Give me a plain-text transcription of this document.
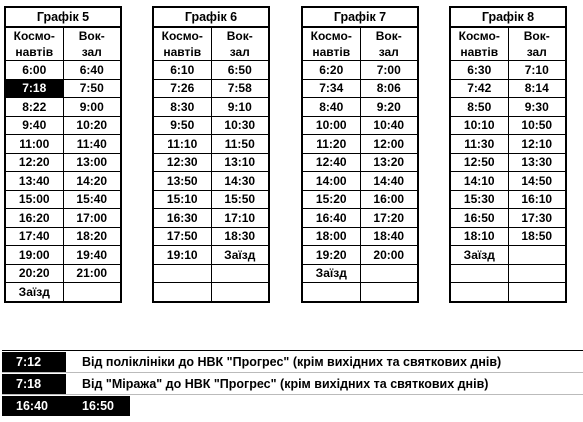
Графік 5	
Космо-	Вок-
навтів	зал
6:00	6:40
7:18	7:50
8:22	9:00
9:40	10:20
11:00	11:40
12:20	13:00
13:40	14:20
15:00	15:40
16:20	17:00
17:40	18:20
19:00	19:40
20:20	21:00
Заїзд	
Графік 6	
Космо-	Вок-
навтів	зал
6:10	6:50
7:26	7:58
8:30	9:10
9:50	10:30
11:10	11:50
12:30	13:10
13:50	14:30
15:10	15:50
16:30	17:10
17:50	18:30
19:10	Заїзд

Графік 7	
Космо-	Вок-
навтів	зал
6:20	7:00
7:34	8:06
8:40	9:20
10:00	10:40
11:20	12:00
12:40	13:20
14:00	14:40
15:20	16:00
16:40	17:20
18:00	18:40
19:20	20:00
Заїзд	

Графік 8	
Космо-	Вок-
навтів	зал
6:30	7:10
7:42	8:14
8:50	9:30
10:10	10:50
11:30	12:10
12:50	13:30
14:10	14:50
15:30	16:10
16:50	17:30
18:10	18:50
Заїзд	

7:12	Від поліклініки до НВК "Прогрес" (крім вихідних та святкових днів)
7:18	Від "Міража" до НВК "Прогрес" (крім вихідних та святкових днів)
16:40	16:50
